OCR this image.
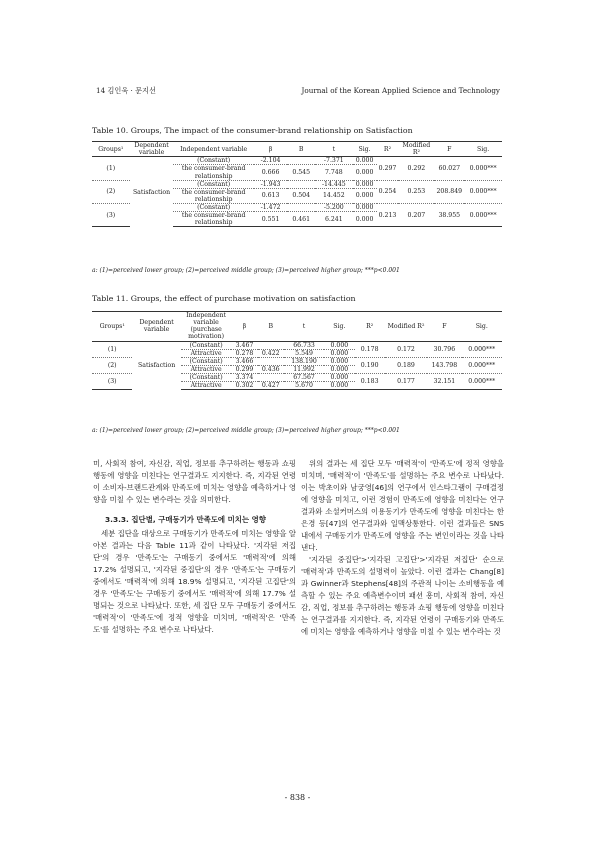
14 김인욱 · 문지선	Journal of the Korean Applied Science and Technology
Table 10. Groups, The impact of the consumer-brand relationship on Satisfaction
Groups¹	Dependent variable	Independent variable	β	B	t	Sig.	R²	Modified R²	F	Sig.
(1)	Satisfaction	(Constant)	-2.104		-7.371	0.000	0.297	0.292	60.027	0.000***
		the consumer-brand relationship	0.666	0.545	7.748	0.000				
(2)		(Constant)	-1.943		-14.445	0.000	0.254	0.253	208.849	0.000***
		the consumer-brand relationship	0.613	0.504	14.452	0.000				
(3)		(Constant)	-1.472		-5.200	0.000	0.213	0.207	38.955	0.000***
		the consumer-brand relationship	0.551	0.461	6.241	0.000				
a: (1)=perceived lower group; (2)=perceived middle group; (3)=perceived higher group; ***p<0.001
Table 11. Groups, the effect of purchase motivation on satisfaction
Groups¹	Dependent variable	Independent variable (purchase motivation)	β	B	t	Sig.	R²	Modified R²	F	Sig.
(1)	Satisfaction	(Constant)	3.467		66.733	0.000	0.178	0.172	30.796	0.000***
		Attractive	0.278	0.422	5.549	0.000				
(2)		(Constant)	3.466		138.190	0.000	0.190	0.189	143.798	0.000***
		Attractive	0.299	0.436	11.992	0.000				
(3)		(Constant)	3.374		67.567	0.000	0.183	0.177	32.151	0.000***
		Attractive	0.302	0.427	5.670	0.000				
a: (1)=perceived lower group; (2)=perceived middle group; (3)=perceived higher group; ***p<0.001

미, 사회적 참여, 자신감, 직업, 정보를 추구하려는 행동과 쇼핑 행동에 영향을 미친다는 연구결과도 지지한다. 즉, 지각된 연령이 소비자-브랜드관계와 만족도에 미치는 영향을 예측하거나 영향을 미칠 수 있는 변수라는 것을 의미한다.

3.3.3. 집단별, 구매동기가 만족도에 미치는 영향

세분 집단을 대상으로 구매동기가 만족도에 미치는 영향을 알아본 결과는 다음 Table 11과 같이 나타났다. '지각된 저집단'의 경우 '만족도'는 구매동기 중에서도 '매력적'에 의해 17.2% 설명되고, '지각된 중집단'의 경우 '만족도'는 구매동기 중에서도 '매력적'에 의해 18.9% 설명되고, '지각된 고집단'의 경우 '만족도'는 구매동기 중에서도 '매력적'에 의해 17.7% 설명되는 것으로 나타났다. 또한, 세 집단 모두 구매동기 중에서도 '매력적'이 '만족도'에 정적 영향을 미치며, '매력적'은 '만족도'를 설명하는 주요 변수로 나타났다.

위의 결과는 세 집단 모두 '매력적'이 '만족도'에 정적 영향을 미치며, '매력적'이 '만족도'를 설명하는 주요 변수로 나타났다. 이는 박초이와 남궁영[46]의 연구에서 인스타그램이 구매결정에 영향을 미치고, 이런 경험이 만족도에 영향을 미친다는 연구결과와 소셜커머스의 이용동기가 만족도에 영향을 미친다는 한은경 등[47]의 연구결과와 일맥상통한다. 이런 결과들은 SNS 내에서 구매동기가 만족도에 영향을 주는 변인이라는 것을 나타낸다.

'지각된 중집단'>'지각된 고집단'>'지각된 저집단' 순으로 '매력적'과 만족도의 설명력이 높았다. 이런 결과는 Chang[8]과 Gwinner과 Stephens[48]의 주관적 나이는 소비행동을 예측할 수 있는 주요 예측변수이며 패션 흥미, 사회적 참여, 자신감, 직업, 정보를 추구하려는 행동과 쇼핑 행동에 영향을 미친다는 연구결과를 지지한다. 즉, 지각된 연령이 구매동기와 만족도에 미치는 영향을 예측하거나 영향을 미칠 수 있는 변수라는 것

- 838 -
